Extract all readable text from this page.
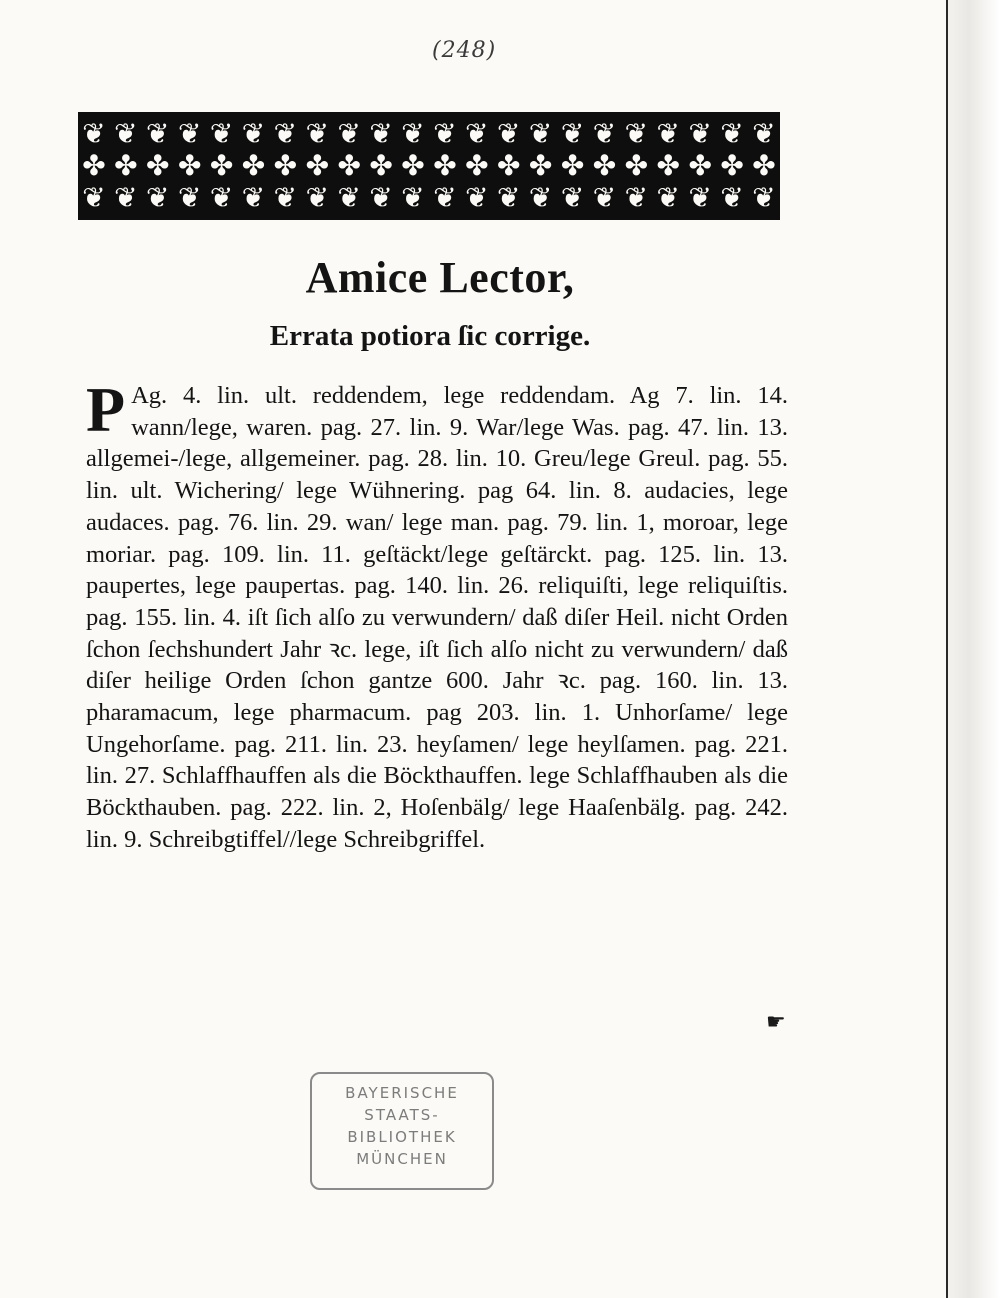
(248)
❦ ❦ ❦ ❦ ❦ ❦ ❦ ❦ ❦ ❦ ❦ ❦ ❦ ❦ ❦ ❦ ❦ ❦ ❦ ❦ ❦ ❦
✤ ✤ ✤ ✤ ✤ ✤ ✤ ✤ ✤ ✤ ✤ ✤ ✤ ✤ ✤ ✤ ✤ ✤ ✤ ✤ ✤ ✤
❦ ❦ ❦ ❦ ❦ ❦ ❦ ❦ ❦ ❦ ❦ ❦ ❦ ❦ ❦ ❦ ❦ ❦ ❦ ❦ ❦ ❦
Amice Lector,
Errata potiora ſic corrige.

P Ag. 4. lin. ult. reddendem, lege reddendam. Ag 7. lin. 14. wann/lege, waren. pag. 27. lin. 9. War/lege Was. pag. 47. lin. 13. allgemei-/lege, allgemeiner. pag. 28. lin. 10. Greu/lege Greul. pag. 55. lin. ult. Wichering/ lege Wühnering. pag 64. lin. 8. audacies, lege audaces. pag. 76. lin. 29. wan/ lege man. pag. 79. lin. 1, moroar, lege moriar. pag. 109. lin. 11. geſtäckt/lege geſtärckt. pag. 125. lin. 13. paupertes, lege paupertas. pag. 140. lin. 26. reliquiſti, lege reliquiſtis. pag. 155. lin. 4. iſt ſich alſo zu verwundern/ daß diſer Heil. nicht Orden ſchon ſechshundert Jahr ꝛc. lege, iſt ſich alſo nicht zu verwundern/ daß diſer heilige Orden ſchon gantze 600. Jahr ꝛc. pag. 160. lin. 13. pharamacum, lege pharmacum. pag 203. lin. 1. Unhorſame/ lege Ungehorſame. pag. 211. lin. 23. heyſamen/ lege heylſamen. pag. 221. lin. 27. Schlaffhauffen als die Böckthauffen. lege Schlaffhauben als die Böckthauben. pag. 222. lin. 2, Hoſenbälg/ lege Haaſenbälg. pag. 242. lin. 9. Schreibgtiffel//lege Schreibgriffel.

☛
BAYERISCHE
STAATS-
BIBLIOTHEK
MÜNCHEN
